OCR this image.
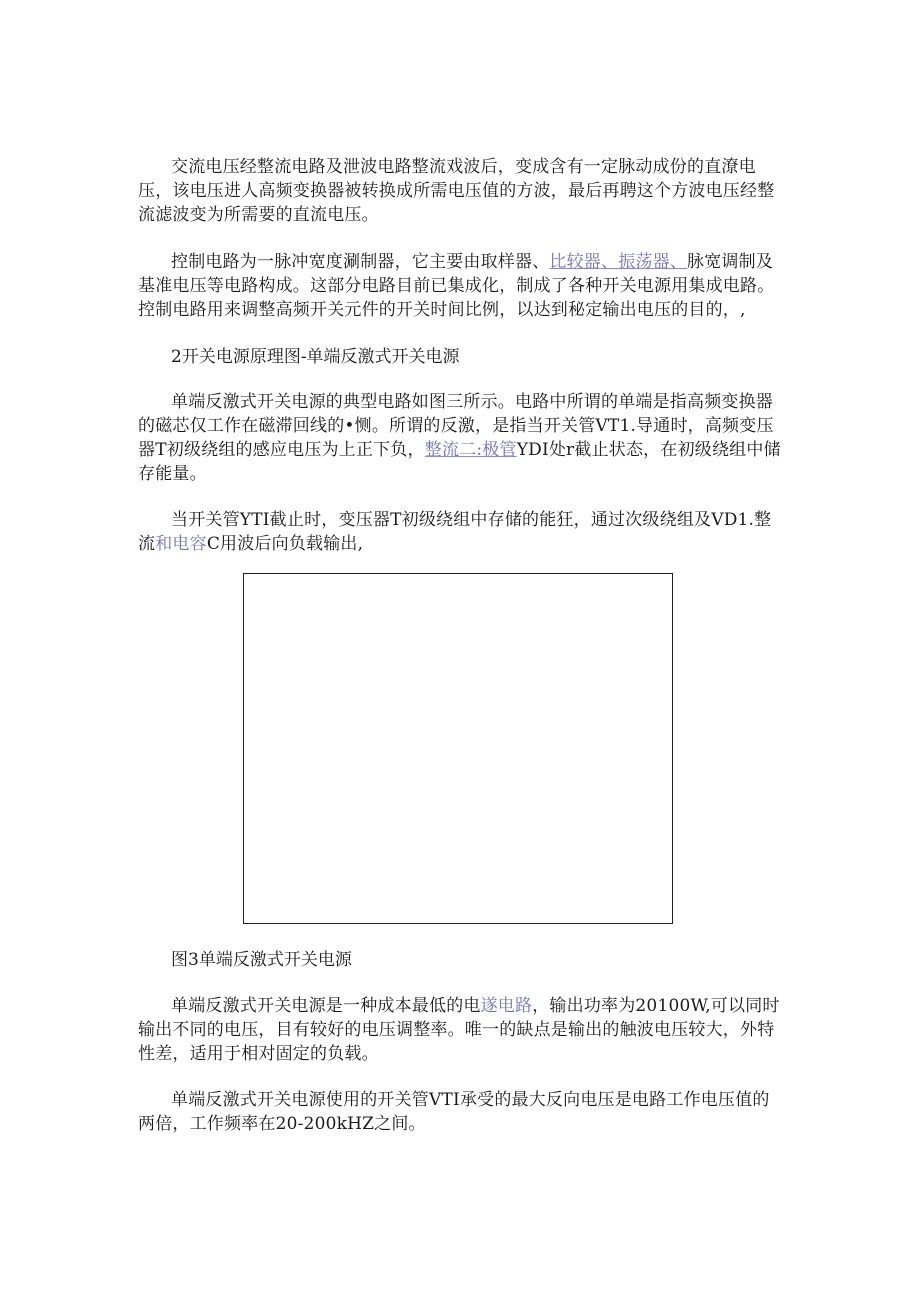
交流电压经整流电路及泄波电路整流戏波后，变成含有一定脉动成份的直潦电压，该电压进人高频变换器被转换成所需电压值的方波，最后再聘这个方波电压经整流滤波变为所需要的直流电压。

控制电路为一脉冲宽度涮制器，它主要由取样器、比较器、振荡器、脉宽调制及基准电压等电路构成。这部分电路目前已集成化，制成了各种开关电源用集成电路。控制电路用来调整高频开关元件的开关时间比例，以达到秘定输出电压的目的，,

2开关电源原理图-单端反激式开关电源

单端反激式开关电源的典型电路如图三所示。电路中所谓的单端是指高频变换器的磁芯仅工作在磁滞回线的•恻。所谓的反激，是指当开关管VT1.导通时，高频变压器T初级绕组的感应电压为上正下负，整流二:极管YDI处r截止状态，在初级绕组中储存能量。

当开关管YTI截止时，变压器T初级绕组中存储的能狂，通过次级绕组及VD1.整流和电容C用波后向负载输出,

图3单端反激式开关电源

单端反激式开关电源是一种成本最低的电遂电路，输出功率为20100W,可以同时输出不同的电压，目有较好的电压调整率。唯一的缺点是输出的触波电压较大，外特性差，适用于相对固定的负载。

单端反激式开关电源使用的开关管VTI承受的最大反向电压是电路工作电压值的两倍，工作频率在20-200kHZ之间。
